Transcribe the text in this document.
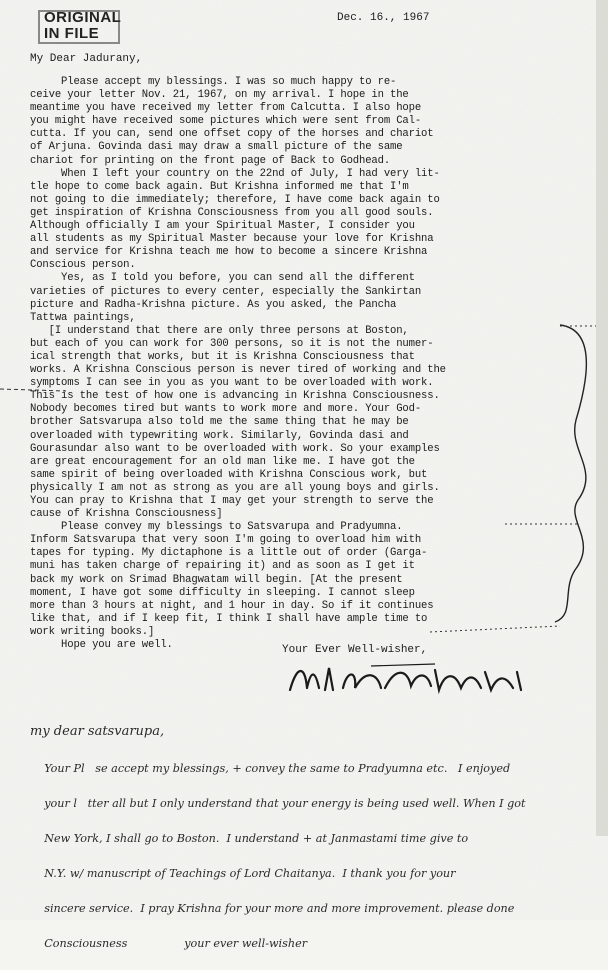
ORIGINAL
IN FILE
Dec. 16., 1967
My Dear Jadurany,
Please accept my blessings. I was so much happy to re-
ceive your letter Nov. 21, 1967, on my arrival. I hope in the
meantime you have received my letter from Calcutta. I also hope
you might have received some pictures which were sent from Cal-
cutta. If you can, send one offset copy of the horses and chariot
of Arjuna. Govinda dasi may draw a small picture of the same
chariot for printing on the front page of Back to Godhead.
When I left your country on the 22nd of July, I had very lit-
tle hope to come back again. But Krishna informed me that I'm
not going to die immediately; therefore, I have come back again to
get inspiration of Krishna Consciousness from you all good souls.
Although officially I am your Spiritual Master, I consider you
all students as my Spiritual Master because your love for Krishna
and service for Krishna teach me how to become a sincere Krishna
Conscious person.
Yes, as I told you before, you can send all the different
varieties of pictures to every center, especially the Sankirtan
picture and Radha-Krishna picture. As you asked, the Pancha
Tattwa paintings,
[I understand that there are only three persons at Boston,
but each of you can work for 300 persons, so it is not the numer-
ical strength that works, but it is Krishna Consciousness that
works. A Krishna Conscious person is never tired of working and the
symptoms I can see in you as you want to be overloaded with work.
This is the test of how one is advancing in Krishna Consciousness.
Nobody becomes tired but wants to work more and more. Your God-
brother Satsvarupa also told me the same thing that he may be
overloaded with typewriting work. Similarly, Govinda dasi and
Gourasundar also want to be overloaded with work. So your examples
are great encouragement for an old man like me. I have got the
same spirit of being overloaded with Krishna Conscious work, but
physically I am not as strong as you are all young boys and girls.
You can pray to Krishna that I may get your strength to serve the
cause of Krishna Consciousness]
Please convey my blessings to Satsvarupa and Pradyumna.
Inform Satsvarupa that very soon I'm going to overload him with
tapes for typing. My dictaphone is a little out of order (Garga-
muni has taken charge of repairing it) and as soon as I get it
back my work on Srimad Bhagwatam will begin. [At the present
moment, I have got some difficulty in sleeping. I cannot sleep
more than 3 hours at night, and 1 hour in day. So if it continues
like that, and if I keep fit, I think I shall have ample time to
work writing books.]
Hope you are well.	Your Ever Well-wisher,

my dear satsvarupa,

Your Pl   se accept my blessings, + convey the same to Pradyumna etc.   I enjoyed

your l   tter all but I only understand that your energy is being used well. When I got

New York, I shall go to Boston.  I understand + at Janmastami time give to

N.Y. w/ manuscript of Teachings of Lord Chaitanya.  I thank you for your

sincere service.  I pray Krishna for your more and more improvement. please done

Consciousness                your ever well-wisher
